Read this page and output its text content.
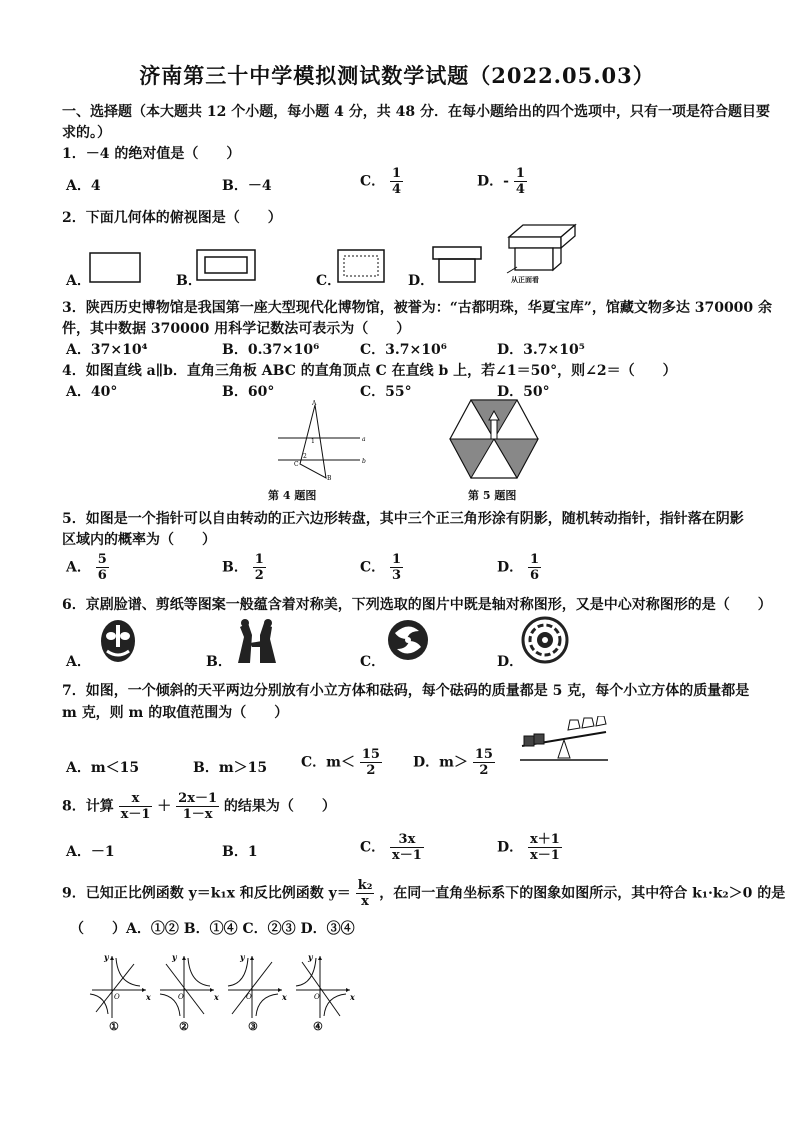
济南第三十中学模拟测试数学试题（2022.05.03）
一、选择题（本大题共 12 个小题，每小题 4 分，共 48 分．在每小题给出的四个选项中，只有一项是符合题目要
求的。）
1．－4 的绝对值是（　　）
A．4	B．－4	C． $\frac{1}{4}$	D．- $\frac{1}{4}$
2．下面几何体的俯视图是（　　）
A．	B．	C．	D．	从正面看
3．陕西历史博物馆是我国第一座大型现代化博物馆，被誉为：“古都明珠，华夏宝库”，馆藏文物多达 370000 余
件，其中数据 370000 用科学记数法可表示为（　　）
A．37×10⁴	B．0.37×10⁶	C．3.7×10⁶	D．3.7×10⁵
4．如图直线 a∥b．直角三角板 ABC 的直角顶点 C 在直线 b 上，若∠1＝50°，则∠2＝（　　）
A．40°	B．60°	C．55°	D．50°
a
b
A
C
B
1
2
第 4 题图	第 5 题图
5．如图是一个指针可以自由转动的正六边形转盘，其中三个正三角形涂有阴影，随机转动指针，指针落在阴影
区域内的概率为（　　）
A． $\frac{5}{6}$	B． $\frac{1}{2}$	C． $\frac{1}{3}$	D． $\frac{1}{6}$
6．京剧脸谱、剪纸等图案一般蕴含着对称美，下列选取的图片中既是轴对称图形，又是中心对称图形的是（　　）
A．	B．	C．	D．
7．如图，一个倾斜的天平两边分别放有小立方体和砝码，每个砝码的质量都是 5 克，每个小立方体的质量都是
m 克，则 m 的取值范围为（　　）
A．m＜15	B．m＞15 C．$m< \frac{15}{2}$ D．$m> \frac{15}{2}$
8．计算 $\frac{x}{x-1} + \frac{2x-1}{1-x}$ 的结果为（　　）
A．－1	B．1	C． $\frac{3x}{x-1}$	D． $\frac{x+1}{x-1}$
9．已知正比例函数 y＝k₁x 和反比例函数 $y= \frac{\text{k₂}}{x}$ ，在同一直角坐标系下的图象如图所示，其中符合 k₁·k₂＞0 的是
（　　）A．①② B．①④ C．②③ D．③④
y	y	y	y
x	x	x	x
O	O	O	O
①	②	③	④
